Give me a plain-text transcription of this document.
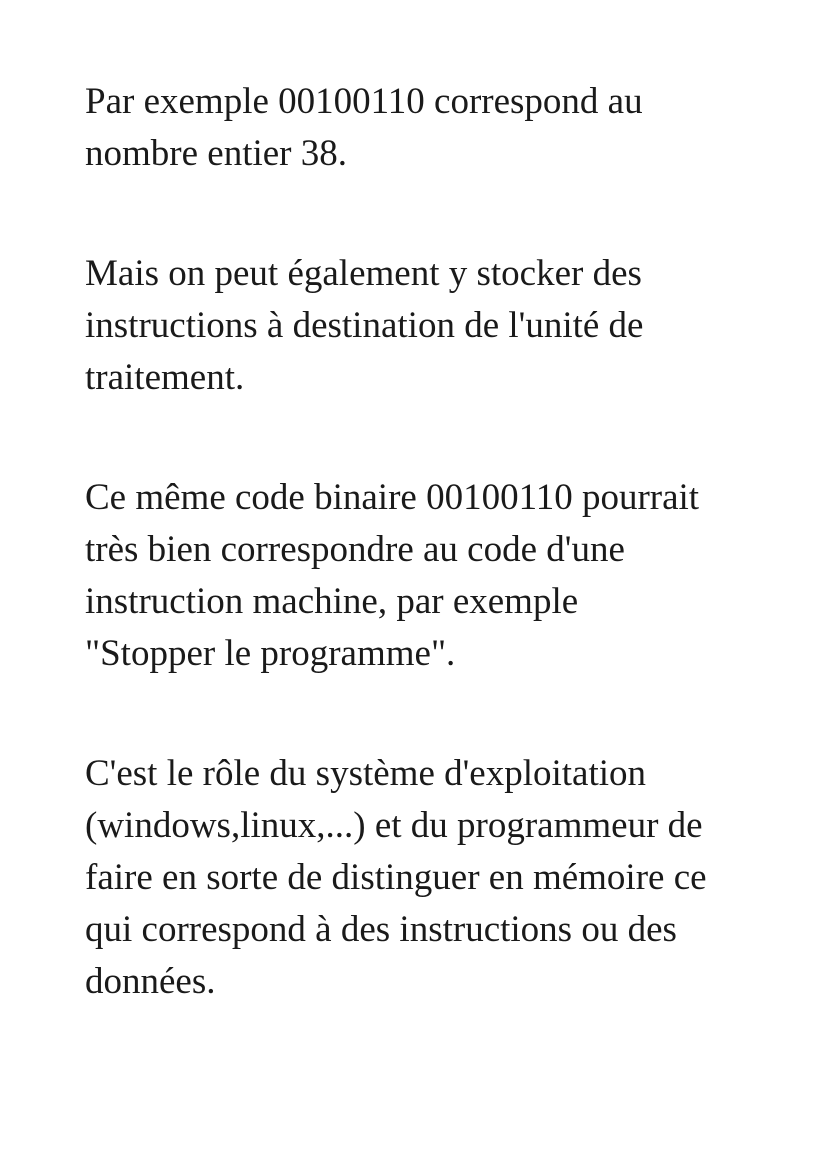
Par exemple 00100110 correspond au
nombre entier 38.

Mais on peut également y stocker des
instructions à destination de l'unité de
traitement.

Ce même code binaire 00100110 pourrait
très bien correspondre au code d'une
instruction machine, par exemple
"Stopper le programme".

C'est le rôle du système d'exploitation
(windows,linux,...) et du programmeur de
faire en sorte de distinguer en mémoire ce
qui correspond à des instructions ou des
données.
